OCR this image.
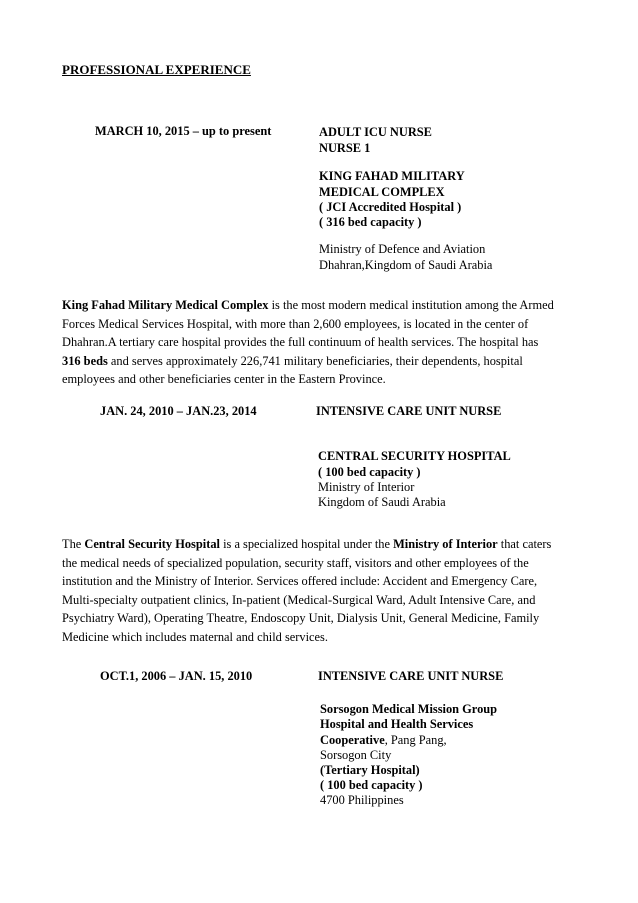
PROFESSIONAL EXPERIENCE
MARCH 10, 2015 – up to present	ADULT ICU NURSE
NURSE 1
KING FAHAD MILITARY
MEDICAL COMPLEX
( JCI Accredited Hospital )
( 316 bed capacity )
Ministry of Defence and Aviation
Dhahran,Kingdom of Saudi Arabia

King Fahad Military Medical Complex is the most modern medical institution among the Armed

Forces Medical Services Hospital, with more than 2,600 employees, is located in the center of

Dhahran.A tertiary care hospital provides the full continuum of health services. The hospital has

316 beds and serves approximately 226,741 military beneficiaries, their dependents, hospital

employees and other beneficiaries center in the Eastern Province.

JAN. 24, 2010 – JAN.23, 2014	INTENSIVE CARE UNIT NURSE
CENTRAL SECURITY HOSPITAL
( 100 bed capacity )
Ministry of Interior
Kingdom of Saudi Arabia

The Central Security Hospital is a specialized hospital under the Ministry of Interior that caters

the medical needs of specialized population, security staff, visitors and other employees of the

institution and the Ministry of Interior. Services offered include: Accident and Emergency Care,

Multi-specialty outpatient clinics, In-patient (Medical-Surgical Ward, Adult Intensive Care, and

Psychiatry Ward), Operating Theatre, Endoscopy Unit, Dialysis Unit, General Medicine, Family

Medicine which includes maternal and child services.

OCT.1, 2006 – JAN. 15, 2010	INTENSIVE CARE UNIT NURSE
Sorsogon Medical Mission Group
Hospital and Health Services
Cooperative, Pang Pang,
Sorsogon City
(Tertiary Hospital)
( 100 bed capacity )
4700 Philippines
